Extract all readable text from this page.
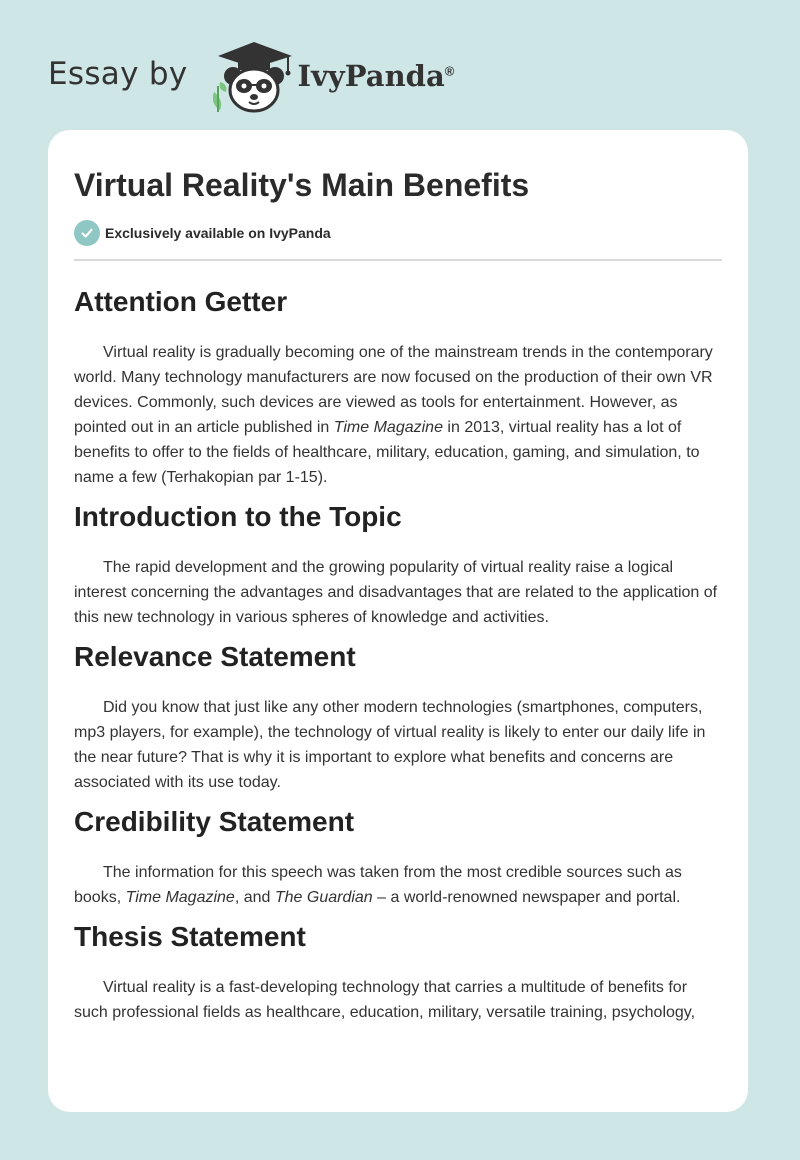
Essay by	IvyPanda®
Virtual Reality's Main Benefits
Exclusively available on IvyPanda
Attention Getter

Virtual reality is gradually becoming one of the mainstream trends in the contemporary world. Many technology manufacturers are now focused on the production of their own VR devices. Commonly, such devices are viewed as tools for entertainment. However, as pointed out in an article published in Time Magazine in 2013, virtual reality has a lot of benefits to offer to the fields of healthcare, military, education, gaming, and simulation, to name a few (Terhakopian par 1-15).

Introduction to the Topic

The rapid development and the growing popularity of virtual reality raise a logical interest concerning the advantages and disadvantages that are related to the application of this new technology in various spheres of knowledge and activities.

Relevance Statement

Did you know that just like any other modern technologies (smartphones, computers, mp3 players, for example), the technology of virtual reality is likely to enter our daily life in the near future? That is why it is important to explore what benefits and concerns are associated with its use today.

Credibility Statement

The information for this speech was taken from the most credible sources such as books, Time Magazine, and The Guardian – a world-renowned newspaper and portal.

Thesis Statement

Virtual reality is a fast-developing technology that carries a multitude of benefits for such professional fields as healthcare, education, military, versatile training, psychology,
